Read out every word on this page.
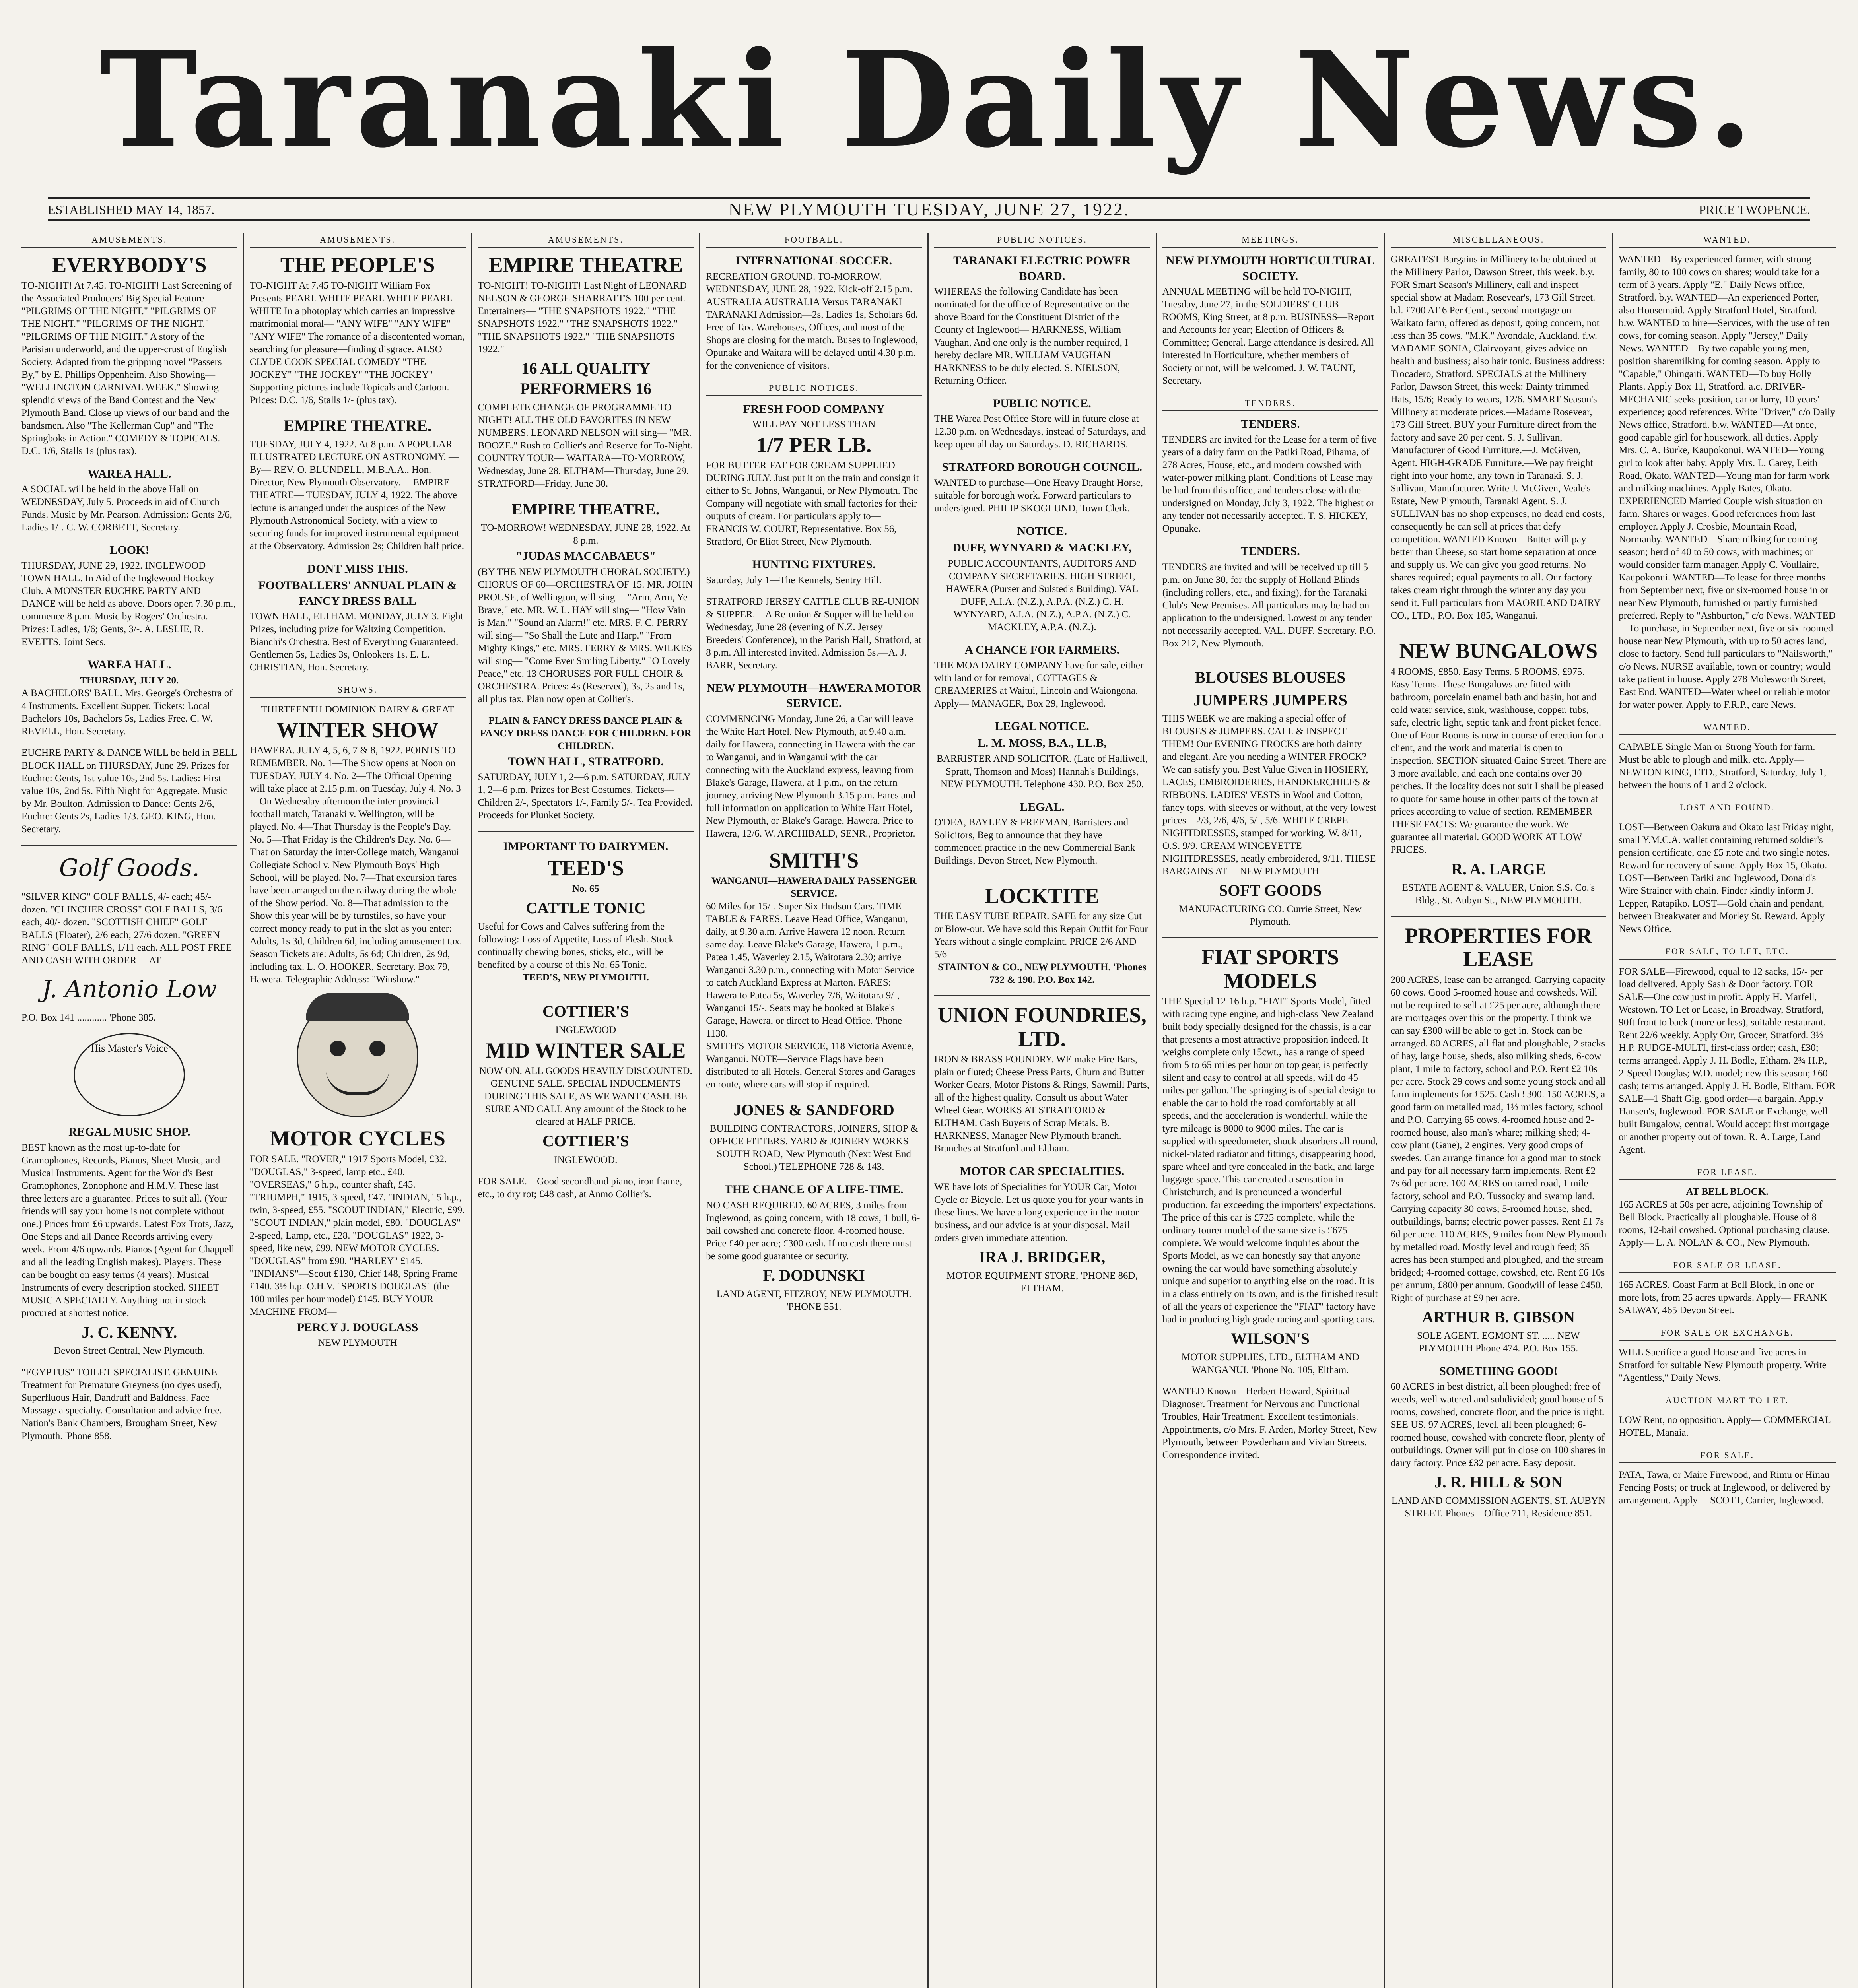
Taranaki Daily News.
ESTABLISHED MAY 14, 1857.	NEW PLYMOUTH TUESDAY, JUNE 27, 1922.	PRICE TWOPENCE.
AMUSEMENTS.
EVERYBODY'S
TO-NIGHT! At 7.45. TO-NIGHT! Last Screening of the Associated Producers' Big Special Feature "PILGRIMS OF THE NIGHT." "PILGRIMS OF THE NIGHT." "PILGRIMS OF THE NIGHT." "PILGRIMS OF THE NIGHT." A story of the Parisian underworld, and the upper-crust of English Society. Adapted from the gripping novel "Passers By," by E. Phillips Oppenheim. Also Showing— "WELLINGTON CARNIVAL WEEK." Showing splendid views of the Band Contest and the New Plymouth Band. Close up views of our band and the bandsmen. Also "The Kellerman Cup" and "The Springboks in Action." COMEDY & TOPICALS. D.C. 1/6, Stalls 1s (plus tax).
WAREA HALL.
A SOCIAL will be held in the above Hall on WEDNESDAY, July 5. Proceeds in aid of Church Funds. Music by Mr. Pearson. Admission: Gents 2/6, Ladies 1/-. C. W. CORBETT, Secretary.
LOOK!
THURSDAY, JUNE 29, 1922. INGLEWOOD TOWN HALL. In Aid of the Inglewood Hockey Club. A MONSTER EUCHRE PARTY AND DANCE will be held as above. Doors open 7.30 p.m., commence 8 p.m. Music by Rogers' Orchestra. Prizes: Ladies, 1/6; Gents, 3/-. A. LESLIE, R. EVETTS, Joint Secs.
WAREA HALL.
THURSDAY, JULY 20.
A BACHELORS' BALL. Mrs. George's Orchestra of 4 Instruments. Excellent Supper. Tickets: Local Bachelors 10s, Bachelors 5s, Ladies Free. C. W. REVELL, Hon. Secretary.
EUCHRE PARTY & DANCE WILL be held in BELL BLOCK HALL on THURSDAY, June 29. Prizes for Euchre: Gents, 1st value 10s, 2nd 5s. Ladies: First value 10s, 2nd 5s. Fifth Night for Aggregate. Music by Mr. Boulton. Admission to Dance: Gents 2/6, Euchre: Gents 2s, Ladies 1/3. GEO. KING, Hon. Secretary.
Golf Goods.
"SILVER KING" GOLF BALLS, 4/- each; 45/- dozen. "CLINCHER CROSS" GOLF BALLS, 3/6 each, 40/- dozen. "SCOTTISH CHIEF" GOLF BALLS (Floater), 2/6 each; 27/6 dozen. "GREEN RING" GOLF BALLS, 1/11 each. ALL POST FREE AND CASH WITH ORDER —AT—
J. Antonio Low
P.O. Box 141 ............ 'Phone 385.
His Master's Voice
REGAL MUSIC SHOP.
BEST known as the most up-to-date for Gramophones, Records, Pianos, Sheet Music, and Musical Instruments. Agent for the World's Best Gramophones, Zonophone and H.M.V. These last three letters are a guarantee. Prices to suit all. (Your friends will say your home is not complete without one.) Prices from £6 upwards. Latest Fox Trots, Jazz, One Steps and all Dance Records arriving every week. From 4/6 upwards. Pianos (Agent for Chappell and all the leading English makes). Players. These can be bought on easy terms (4 years). Musical Instruments of every description stocked. SHEET MUSIC A SPECIALTY. Anything not in stock procured at shortest notice.
J. C. KENNY.
Devon Street Central, New Plymouth.
"EGYPTUS" TOILET SPECIALIST. GENUINE Treatment for Premature Greyness (no dyes used), Superfluous Hair, Dandruff and Baldness. Face Massage a specialty. Consultation and advice free. Nation's Bank Chambers, Brougham Street, New Plymouth. 'Phone 858.
AMUSEMENTS.
THE PEOPLE'S
TO-NIGHT At 7.45 TO-NIGHT William Fox Presents PEARL WHITE PEARL WHITE PEARL WHITE In a photoplay which carries an impressive matrimonial moral— "ANY WIFE" "ANY WIFE" "ANY WIFE" The romance of a discontented woman, searching for pleasure—finding disgrace. ALSO CLYDE COOK SPECIAL COMEDY "THE JOCKEY" "THE JOCKEY" "THE JOCKEY" Supporting pictures include Topicals and Cartoon. Prices: D.C. 1/6, Stalls 1/- (plus tax).
EMPIRE THEATRE.
TUESDAY, JULY 4, 1922. At 8 p.m. A POPULAR ILLUSTRATED LECTURE ON ASTRONOMY. —By— REV. O. BLUNDELL, M.B.A.A., Hon. Director, New Plymouth Observatory. —EMPIRE THEATRE— TUESDAY, JULY 4, 1922. The above lecture is arranged under the auspices of the New Plymouth Astronomical Society, with a view to securing funds for improved instrumental equipment at the Observatory. Admission 2s; Children half price.
DONT MISS THIS.
FOOTBALLERS' ANNUAL PLAIN & FANCY DRESS BALL
TOWN HALL, ELTHAM. MONDAY, JULY 3. Eight Prizes, including prize for Waltzing Competition. Bianchi's Orchestra. Best of Everything Guaranteed. Gentlemen 5s, Ladies 3s, Onlookers 1s. E. L. CHRISTIAN, Hon. Secretary.
SHOWS.
THIRTEENTH DOMINION DAIRY & GREAT
WINTER SHOW
HAWERA. JULY 4, 5, 6, 7 & 8, 1922. POINTS TO REMEMBER. No. 1—The Show opens at Noon on TUESDAY, JULY 4. No. 2—The Official Opening will take place at 2.15 p.m. on Tuesday, July 4. No. 3—On Wednesday afternoon the inter-provincial football match, Taranaki v. Wellington, will be played. No. 4—That Thursday is the People's Day. No. 5—That Friday is the Children's Day. No. 6—That on Saturday the inter-College match, Wanganui Collegiate School v. New Plymouth Boys' High School, will be played. No. 7—That excursion fares have been arranged on the railway during the whole of the Show period. No. 8—That admission to the Show this year will be by turnstiles, so have your correct money ready to put in the slot as you enter: Adults, 1s 3d, Children 6d, including amusement tax. Season Tickets are: Adults, 5s 6d; Children, 2s 9d, including tax. L. O. HOOKER, Secretary. Box 79, Hawera. Telegraphic Address: "Winshow."
MOTOR CYCLES
FOR SALE. "ROVER," 1917 Sports Model, £32. "DOUGLAS," 3-speed, lamp etc., £40. "OVERSEAS," 6 h.p., counter shaft, £45. "TRIUMPH," 1915, 3-speed, £47. "INDIAN," 5 h.p., twin, 3-speed, £55. "SCOUT INDIAN," Electric, £99. "SCOUT INDIAN," plain model, £80. "DOUGLAS" 2-speed, Lamp, etc., £28. "DOUGLAS" 1922, 3-speed, like new, £99. NEW MOTOR CYCLES. "DOUGLAS" from £90. "HARLEY" £145. "INDIANS"—Scout £130, Chief 148, Spring Frame £140. 3½ h.p. O.H.V. "SPORTS DOUGLAS" (the 100 miles per hour model) £145. BUY YOUR MACHINE FROM—
PERCY J. DOUGLASS
NEW PLYMOUTH
AMUSEMENTS.
EMPIRE THEATRE
TO-NIGHT! TO-NIGHT! Last Night of LEONARD NELSON & GEORGE SHARRATT'S 100 per cent. Entertainers— "THE SNAPSHOTS 1922." "THE SNAPSHOTS 1922." "THE SNAPSHOTS 1922." "THE SNAPSHOTS 1922." "THE SNAPSHOTS 1922."
16 ALL QUALITY PERFORMERS 16
COMPLETE CHANGE OF PROGRAMME TO-NIGHT! ALL THE OLD FAVORITES IN NEW NUMBERS. LEONARD NELSON will sing— "MR. BOOZE." Rush to Collier's and Reserve for To-Night. COUNTRY TOUR— WAITARA—TO-MORROW, Wednesday, June 28. ELTHAM—Thursday, June 29. STRATFORD—Friday, June 30.
EMPIRE THEATRE.
TO-MORROW! WEDNESDAY, JUNE 28, 1922. At 8 p.m.
"JUDAS MACCABAEUS"
(BY THE NEW PLYMOUTH CHORAL SOCIETY.) CHORUS OF 60—ORCHESTRA OF 15. MR. JOHN PROUSE, of Wellington, will sing— "Arm, Arm, Ye Brave," etc. MR. W. L. HAY will sing— "How Vain is Man." "Sound an Alarm!" etc. MRS. F. C. PERRY will sing— "So Shall the Lute and Harp." "From Mighty Kings," etc. MRS. FERRY & MRS. WILKES will sing— "Come Ever Smiling Liberty." "O Lovely Peace," etc. 13 CHORUSES FOR FULL CHOIR & ORCHESTRA. Prices: 4s (Reserved), 3s, 2s and 1s, all plus tax. Plan now open at Collier's.
PLAIN & FANCY DRESS DANCE PLAIN & FANCY DRESS DANCE FOR CHILDREN. FOR CHILDREN.
TOWN HALL, STRATFORD.
SATURDAY, JULY 1, 2—6 p.m. SATURDAY, JULY 1, 2—6 p.m. Prizes for Best Costumes. Tickets— Children 2/-, Spectators 1/-, Family 5/-. Tea Provided. Proceeds for Plunket Society.
IMPORTANT TO DAIRYMEN.
TEED'S
No. 65
CATTLE TONIC
Useful for Cows and Calves suffering from the following: Loss of Appetite, Loss of Flesh. Stock continually chewing bones, sticks, etc., will be benefited by a course of this No. 65 Tonic.
TEED'S, NEW PLYMOUTH.
COTTIER'S
INGLEWOOD
MID WINTER SALE
NOW ON. ALL GOODS HEAVILY DISCOUNTED. GENUINE SALE. SPECIAL INDUCEMENTS DURING THIS SALE, AS WE WANT CASH. BE SURE AND CALL Any amount of the Stock to be cleared at HALF PRICE.
COTTIER'S
INGLEWOOD.
FOR SALE.—Good secondhand piano, iron frame, etc., to dry rot; £48 cash, at Anmo Collier's.
FOOTBALL.
INTERNATIONAL SOCCER.
RECREATION GROUND. TO-MORROW. WEDNESDAY, JUNE 28, 1922. Kick-off 2.15 p.m. AUSTRALIA AUSTRALIA Versus TARANAKI TARANAKI Admission—2s, Ladies 1s, Scholars 6d. Free of Tax. Warehouses, Offices, and most of the Shops are closing for the match. Buses to Inglewood, Opunake and Waitara will be delayed until 4.30 p.m. for the convenience of visitors.
PUBLIC NOTICES.
FRESH FOOD COMPANY
WILL PAY NOT LESS THAN
1/7 PER LB.
FOR BUTTER-FAT FOR CREAM SUPPLIED DURING JULY. Just put it on the train and consign it either to St. Johns, Wanganui, or New Plymouth. The Company will negotiate with small factories for their outputs of cream. For particulars apply to— FRANCIS W. COURT, Representative. Box 56, Stratford, Or Eliot Street, New Plymouth.
HUNTING FIXTURES.
Saturday, July 1—The Kennels, Sentry Hill.
STRATFORD JERSEY CATTLE CLUB RE-UNION & SUPPER.—A Re-union & Supper will be held on Wednesday, June 28 (evening of N.Z. Jersey Breeders' Conference), in the Parish Hall, Stratford, at 8 p.m. All interested invited. Admission 5s.—A. J. BARR, Secretary.
NEW PLYMOUTH—HAWERA MOTOR SERVICE.
COMMENCING Monday, June 26, a Car will leave the White Hart Hotel, New Plymouth, at 9.40 a.m. daily for Hawera, connecting in Hawera with the car to Wanganui, and in Wanganui with the car connecting with the Auckland express, leaving from Blake's Garage, Hawera, at 1 p.m., on the return journey, arriving New Plymouth 3.15 p.m. Fares and full information on application to White Hart Hotel, New Plymouth, or Blake's Garage, Hawera. Price to Hawera, 12/6. W. ARCHIBALD, SENR., Proprietor.
SMITH'S
WANGANUI—HAWERA DAILY PASSENGER SERVICE.
60 Miles for 15/-. Super-Six Hudson Cars. TIME-TABLE & FARES. Leave Head Office, Wanganui, daily, at 9.30 a.m. Arrive Hawera 12 noon. Return same day. Leave Blake's Garage, Hawera, 1 p.m., Patea 1.45, Waverley 2.15, Waitotara 2.30; arrive Wanganui 3.30 p.m., connecting with Motor Service to catch Auckland Express at Marton. FARES: Hawera to Patea 5s, Waverley 7/6, Waitotara 9/-, Wanganui 15/-. Seats may be booked at Blake's Garage, Hawera, or direct to Head Office. 'Phone 1130.
SMITH'S MOTOR SERVICE, 118 Victoria Avenue, Wanganui. NOTE—Service Flags have been distributed to all Hotels, General Stores and Garages en route, where cars will stop if required.
JONES & SANDFORD
BUILDING CONTRACTORS, JOINERS, SHOP & OFFICE FITTERS. YARD & JOINERY WORKS— SOUTH ROAD, New Plymouth (Next West End School.) TELEPHONE 728 & 143.
THE CHANCE OF A LIFE-TIME.
NO CASH REQUIRED. 60 ACRES, 3 miles from Inglewood, as going concern, with 18 cows, 1 bull, 6-bail cowshed and concrete floor, 4-roomed house. Price £40 per acre; £300 cash. If no cash there must be some good guarantee or security.
F. DODUNSKI
LAND AGENT, FITZROY, NEW PLYMOUTH. 'PHONE 551.
PUBLIC NOTICES.
TARANAKI ELECTRIC POWER BOARD.
WHEREAS the following Candidate has been nominated for the office of Representative on the above Board for the Constituent District of the County of Inglewood— HARKNESS, William Vaughan, And one only is the number required, I hereby declare MR. WILLIAM VAUGHAN HARKNESS to be duly elected. S. NIELSON, Returning Officer.
PUBLIC NOTICE.
THE Warea Post Office Store will in future close at 12.30 p.m. on Wednesdays, instead of Saturdays, and keep open all day on Saturdays. D. RICHARDS.
STRATFORD BOROUGH COUNCIL.
WANTED to purchase—One Heavy Draught Horse, suitable for borough work. Forward particulars to undersigned. PHILIP SKOGLUND, Town Clerk.
NOTICE.
DUFF, WYNYARD & MACKLEY,
PUBLIC ACCOUNTANTS, AUDITORS AND COMPANY SECRETARIES. HIGH STREET, HAWERA (Purser and Sulsted's Building). VAL DUFF, A.I.A. (N.Z.), A.P.A. (N.Z.) C. H. WYNYARD, A.I.A. (N.Z.), A.P.A. (N.Z.) C. MACKLEY, A.P.A. (N.Z.).
A CHANCE FOR FARMERS.
THE MOA DAIRY COMPANY have for sale, either with land or for removal, COTTAGES & CREAMERIES at Waitui, Lincoln and Waiongona. Apply— MANAGER, Box 29, Inglewood.
LEGAL NOTICE.
L. M. MOSS, B.A., LL.B,
BARRISTER AND SOLICITOR. (Late of Halliwell, Spratt, Thomson and Moss) Hannah's Buildings, NEW PLYMOUTH. Telephone 430. P.O. Box 250.
LEGAL.
O'DEA, BAYLEY & FREEMAN, Barristers and Solicitors, Beg to announce that they have commenced practice in the new Commercial Bank Buildings, Devon Street, New Plymouth.
LOCKTITE
THE EASY TUBE REPAIR. SAFE for any size Cut or Blow-out. We have sold this Repair Outfit for Four Years without a single complaint. PRICE 2/6 AND 5/6
STAINTON & CO., NEW PLYMOUTH. 'Phones 732 & 190. P.O. Box 142.
UNION FOUNDRIES, LTD.
IRON & BRASS FOUNDRY. WE make Fire Bars, plain or fluted; Cheese Press Parts, Churn and Butter Worker Gears, Motor Pistons & Rings, Sawmill Parts, all of the highest quality. Consult us about Water Wheel Gear. WORKS AT STRATFORD & ELTHAM. Cash Buyers of Scrap Metals. B. HARKNESS, Manager New Plymouth branch. Branches at Stratford and Eltham.
MOTOR CAR SPECIALITIES.
WE have lots of Specialities for YOUR Car, Motor Cycle or Bicycle. Let us quote you for your wants in these lines. We have a long experience in the motor business, and our advice is at your disposal. Mail orders given immediate attention.
IRA J. BRIDGER,
MOTOR EQUIPMENT STORE, 'PHONE 86D, ELTHAM.
MEETINGS.
NEW PLYMOUTH HORTICULTURAL SOCIETY.
ANNUAL MEETING will be held TO-NIGHT, Tuesday, June 27, in the SOLDIERS' CLUB ROOMS, King Street, at 8 p.m. BUSINESS—Report and Accounts for year; Election of Officers & Committee; General. Large attendance is desired. All interested in Horticulture, whether members of Society or not, will be welcomed. J. W. TAUNT, Secretary.
TENDERS.
TENDERS.
TENDERS are invited for the Lease for a term of five years of a dairy farm on the Patiki Road, Pihama, of 278 Acres, House, etc., and modern cowshed with water-power milking plant. Conditions of Lease may be had from this office, and tenders close with the undersigned on Monday, July 3, 1922. The highest or any tender not necessarily accepted. T. S. HICKEY, Opunake.
TENDERS.
TENDERS are invited and will be received up till 5 p.m. on June 30, for the supply of Holland Blinds (including rollers, etc., and fixing), for the Taranaki Club's New Premises. All particulars may be had on application to the undersigned. Lowest or any tender not necessarily accepted. VAL. DUFF, Secretary. P.O. Box 212, New Plymouth.
BLOUSES BLOUSES
JUMPERS JUMPERS
THIS WEEK we are making a special offer of BLOUSES & JUMPERS. CALL & INSPECT THEM! Our EVENING FROCKS are both dainty and elegant. Are you needing a WINTER FROCK? We can satisfy you. Best Value Given in HOSIERY, LACES, EMBROIDERIES, HANDKERCHIEFS & RIBBONS. LADIES' VESTS in Wool and Cotton, fancy tops, with sleeves or without, at the very lowest prices—2/3, 2/6, 4/6, 5/-, 5/6. WHITE CREPE NIGHTDRESSES, stamped for working. W. 8/11, O.S. 9/9. CREAM WINCEYETTE NIGHTDRESSES, neatly embroidered, 9/11. THESE BARGAINS AT— NEW PLYMOUTH
SOFT GOODS
MANUFACTURING CO. Currie Street, New Plymouth.
FIAT SPORTS MODELS
THE Special 12-16 h.p. "FIAT" Sports Model, fitted with racing type engine, and high-class New Zealand built body specially designed for the chassis, is a car that presents a most attractive proposition indeed. It weighs complete only 15cwt., has a range of speed from 5 to 65 miles per hour on top gear, is perfectly silent and easy to control at all speeds, will do 45 miles per gallon. The springing is of special design to enable the car to hold the road comfortably at all speeds, and the acceleration is wonderful, while the tyre mileage is 8000 to 9000 miles. The car is supplied with speedometer, shock absorbers all round, nickel-plated radiator and fittings, disappearing hood, spare wheel and tyre concealed in the back, and large luggage space. This car created a sensation in Christchurch, and is pronounced a wonderful production, far exceeding the importers' expectations. The price of this car is £725 complete, while the ordinary tourer model of the same size is £675 complete. We would welcome inquiries about the Sports Model, as we can honestly say that anyone owning the car would have something absolutely unique and superior to anything else on the road. It is in a class entirely on its own, and is the finished result of all the years of experience the "FIAT" factory have had in producing high grade racing and sporting cars.
WILSON'S
MOTOR SUPPLIES, LTD., ELTHAM AND WANGANUI. 'Phone No. 105, Eltham.
WANTED Known—Herbert Howard, Spiritual Diagnoser. Treatment for Nervous and Functional Troubles, Hair Treatment. Excellent testimonials. Appointments, c/o Mrs. F. Arden, Morley Street, New Plymouth, between Powderham and Vivian Streets. Correspondence invited.
MISCELLANEOUS.
GREATEST Bargains in Millinery to be obtained at the Millinery Parlor, Dawson Street, this week. b.y. FOR Smart Season's Millinery, call and inspect special show at Madam Rosevear's, 173 Gill Street. b.l. £700 AT 6 Per Cent., second mortgage on Waikato farm, offered as deposit, going concern, not less than 35 cows. "M.K." Avondale, Auckland. f.w. MADAME SONIA, Clairvoyant, gives advice on health and business; also hair tonic. Business address: Trocadero, Stratford. SPECIALS at the Millinery Parlor, Dawson Street, this week: Dainty trimmed Hats, 15/6; Ready-to-wears, 12/6. SMART Season's Millinery at moderate prices.—Madame Rosevear, 173 Gill Street. BUY your Furniture direct from the factory and save 20 per cent. S. J. Sullivan, Manufacturer of Good Furniture.—J. McGiven, Agent. HIGH-GRADE Furniture.—We pay freight right into your home, any town in Taranaki. S. J. Sullivan, Manufacturer. Write J. McGiven, Veale's Estate, New Plymouth, Taranaki Agent. S. J. SULLIVAN has no shop expenses, no dead end costs, consequently he can sell at prices that defy competition. WANTED Known—Butter will pay better than Cheese, so start home separation at once and supply us. We can give you good returns. No shares required; equal payments to all. Our factory takes cream right through the winter any day you send it. Full particulars from MAORILAND DAIRY CO., LTD., P.O. Box 185, Wanganui.
NEW BUNGALOWS
4 ROOMS, £850. Easy Terms. 5 ROOMS, £975. Easy Terms. These Bungalows are fitted with bathroom, porcelain enamel bath and basin, hot and cold water service, sink, washhouse, copper, tubs, safe, electric light, septic tank and front picket fence. One of Four Rooms is now in course of erection for a client, and the work and material is open to inspection. SECTION situated Gaine Street. There are 3 more available, and each one contains over 30 perches. If the locality does not suit I shall be pleased to quote for same house in other parts of the town at prices according to value of section. REMEMBER THESE FACTS: We guarantee the work. We guarantee all material. GOOD WORK AT LOW PRICES.
R. A. LARGE
ESTATE AGENT & VALUER, Union S.S. Co.'s Bldg., St. Aubyn St., NEW PLYMOUTH.
PROPERTIES FOR LEASE
200 ACRES, lease can be arranged. Carrying capacity 60 cows. Good 5-roomed house and cowsheds. Will not be required to sell at £25 per acre, although there are mortgages over this on the property. I think we can say £300 will be able to get in. Stock can be arranged. 80 ACRES, all flat and ploughable, 2 stacks of hay, large house, sheds, also milking sheds, 6-cow plant, 1 mile to factory, school and P.O. Rent £2 10s per acre. Stock 29 cows and some young stock and all farm implements for £525. Cash £300. 150 ACRES, a good farm on metalled road, 1½ miles factory, school and P.O. Carrying 65 cows. 4-roomed house and 2-roomed house, also man's whare; milking shed; 4-cow plant (Gane), 2 engines. Very good crops of swedes. Can arrange finance for a good man to stock and pay for all necessary farm implements. Rent £2 7s 6d per acre. 100 ACRES on tarred road, 1 mile factory, school and P.O. Tussocky and swamp land. Carrying capacity 30 cows; 5-roomed house, shed, outbuildings, barns; electric power passes. Rent £1 7s 6d per acre. 110 ACRES, 9 miles from New Plymouth by metalled road. Mostly level and rough feed; 35 acres has been stumped and ploughed, and the stream bridged; 4-roomed cottage, cowshed, etc. Rent £6 10s per annum, £800 per annum. Goodwill of lease £450. Right of purchase at £9 per acre.
ARTHUR B. GIBSON
SOLE AGENT. EGMONT ST. ..... NEW PLYMOUTH Phone 474. P.O. Box 155.
SOMETHING GOOD!
60 ACRES in best district, all been ploughed; free of weeds, well watered and subdivided; good house of 5 rooms, cowshed, concrete floor, and the price is right. SEE US. 97 ACRES, level, all been ploughed; 6-roomed house, cowshed with concrete floor, plenty of outbuildings. Owner will put in close on 100 shares in dairy factory. Price £32 per acre. Easy deposit.
J. R. HILL & SON
LAND AND COMMISSION AGENTS, ST. AUBYN STREET. Phones—Office 711, Residence 851.
WANTED.
WANTED—By experienced farmer, with strong family, 80 to 100 cows on shares; would take for a term of 3 years. Apply "E," Daily News office, Stratford. b.y. WANTED—An experienced Porter, also Housemaid. Apply Stratford Hotel, Stratford. b.w. WANTED to hire—Services, with the use of ten cows, for coming season. Apply "Jersey," Daily News. WANTED—By two capable young men, position sharemilking for coming season. Apply to "Capable," Ohingaiti. WANTED—To buy Holly Plants. Apply Box 11, Stratford. a.c. DRIVER-MECHANIC seeks position, car or lorry, 10 years' experience; good references. Write "Driver," c/o Daily News office, Stratford. b.w. WANTED—At once, good capable girl for housework, all duties. Apply Mrs. C. A. Burke, Kaupokonui. WANTED—Young girl to look after baby. Apply Mrs. L. Carey, Leith Road, Okato. WANTED—Young man for farm work and milking machines. Apply Bates, Okato. EXPERIENCED Married Couple wish situation on farm. Shares or wages. Good references from last employer. Apply J. Crosbie, Mountain Road, Normanby. WANTED—Sharemilking for coming season; herd of 40 to 50 cows, with machines; or would consider farm manager. Apply C. Voullaire, Kaupokonui. WANTED—To lease for three months from September next, five or six-roomed house in or near New Plymouth, furnished or partly furnished preferred. Reply to "Ashburton," c/o News. WANTED—To purchase, in September next, five or six-roomed house near New Plymouth, with up to 50 acres land, close to factory. Send full particulars to "Nailsworth," c/o News. NURSE available, town or country; would take patient in house. Apply 278 Molesworth Street, East End. WANTED—Water wheel or reliable motor for water power. Apply to F.R.P., care News.
WANTED.
CAPABLE Single Man or Strong Youth for farm. Must be able to plough and milk, etc. Apply— NEWTON KING, LTD., Stratford, Saturday, July 1, between the hours of 1 and 2 o'clock.
LOST AND FOUND.
LOST—Between Oakura and Okato last Friday night, small Y.M.C.A. wallet containing returned soldier's pension certificate, one £5 note and two single notes. Reward for recovery of same. Apply Box 15, Okato. LOST—Between Tariki and Inglewood, Donald's Wire Strainer with chain. Finder kindly inform J. Lepper, Ratapiko. LOST—Gold chain and pendant, between Breakwater and Morley St. Reward. Apply News Office.
FOR SALE, TO LET, ETC.
FOR SALE—Firewood, equal to 12 sacks, 15/- per load delivered. Apply Sash & Door factory. FOR SALE—One cow just in profit. Apply H. Marfell, Westown. TO Let or Lease, in Broadway, Stratford, 90ft front to back (more or less), suitable restaurant. Rent 22/6 weekly. Apply Orr, Grocer, Stratford. 3½ H.P. RUDGE-MULTI, first-class order; cash, £30; terms arranged. Apply J. H. Bodle, Eltham. 2¾ H.P., 2-Speed Douglas; W.D. model; new this season; £60 cash; terms arranged. Apply J. H. Bodle, Eltham. FOR SALE—1 Shaft Gig, good order—a bargain. Apply Hansen's, Inglewood. FOR SALE or Exchange, well built Bungalow, central. Would accept first mortgage or another property out of town. R. A. Large, Land Agent.
FOR LEASE.
AT BELL BLOCK.
165 ACRES at 50s per acre, adjoining Township of Bell Block. Practically all ploughable. House of 8 rooms, 12-bail cowshed. Optional purchasing clause. Apply— L. A. NOLAN & CO., New Plymouth.
FOR SALE OR LEASE.
165 ACRES, Coast Farm at Bell Block, in one or more lots, from 25 acres upwards. Apply— FRANK SALWAY, 465 Devon Street.
FOR SALE OR EXCHANGE.
WILL Sacrifice a good House and five acres in Stratford for suitable New Plymouth property. Write "Agentless," Daily News.
AUCTION MART TO LET.
LOW Rent, no opposition. Apply— COMMERCIAL HOTEL, Manaia.
FOR SALE.
PATA, Tawa, or Maire Firewood, and Rimu or Hinau Fencing Posts; or truck at Inglewood, or delivered by arrangement. Apply— SCOTT, Carrier, Inglewood.
